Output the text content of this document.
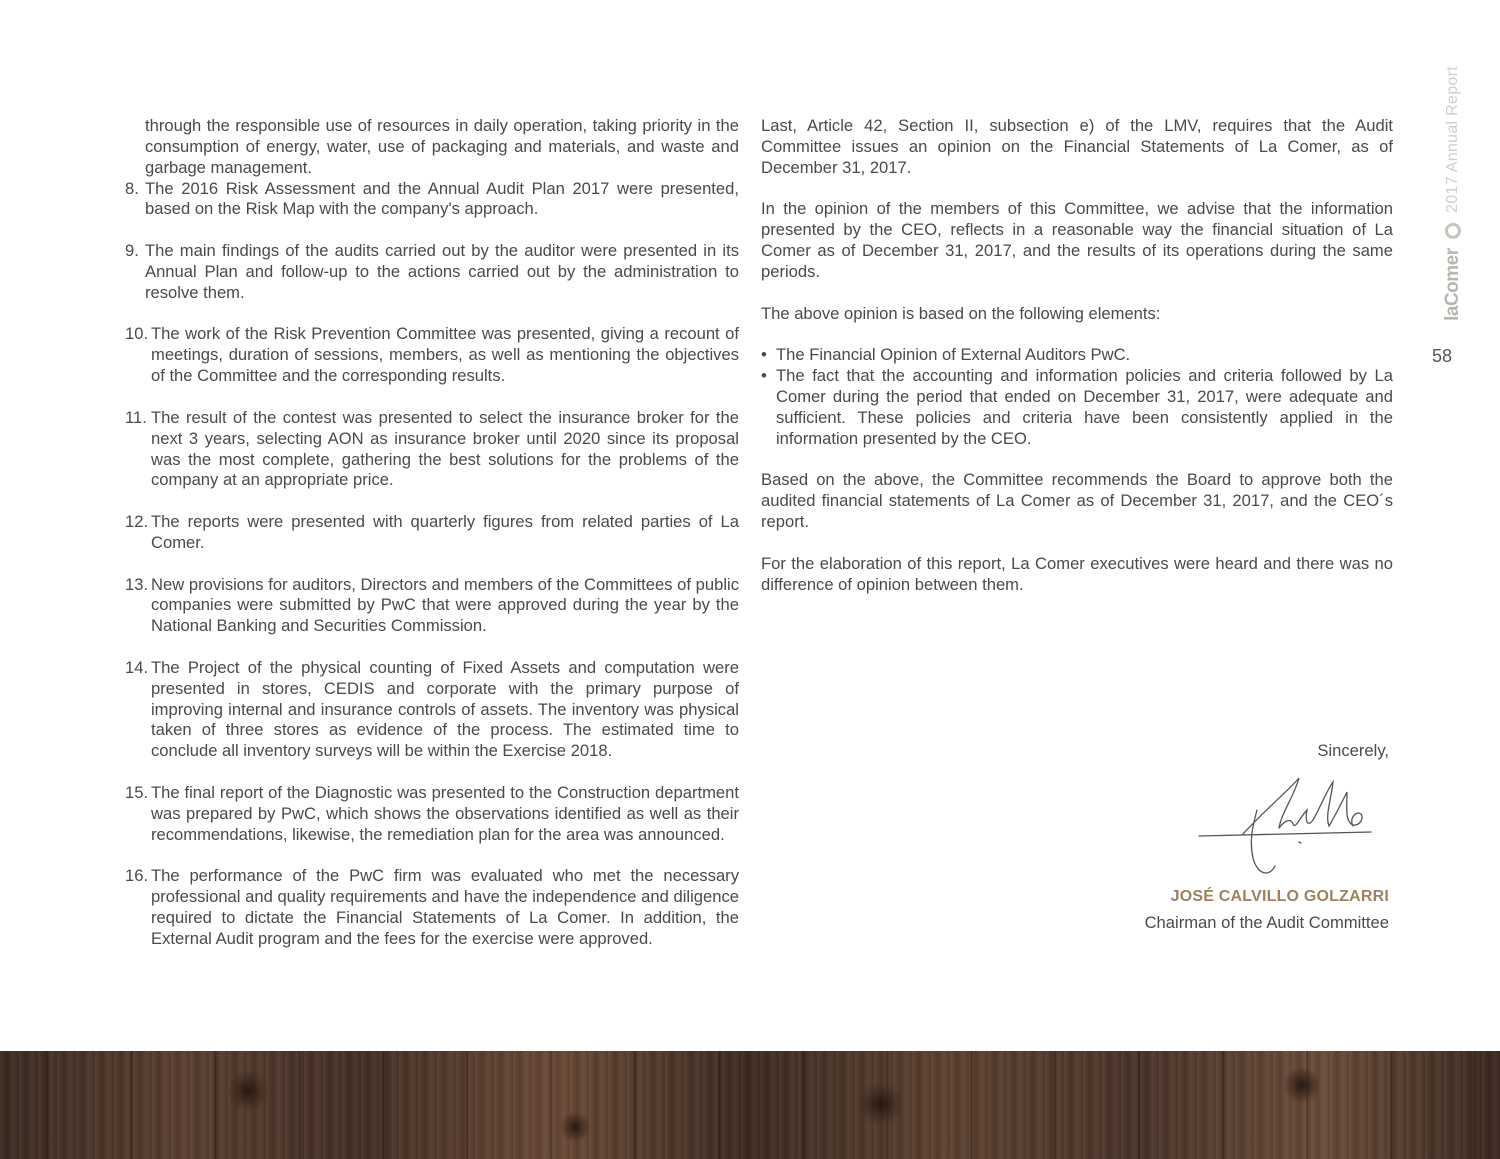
through the responsible use of resources in daily operation, taking priority in the consumption of energy, water, use of packaging and materials, and waste and garbage management.

8. The 2016 Risk Assessment and the Annual Audit Plan 2017 were presented, based on the Risk Map with the company's approach.
9. The main findings of the audits carried out by the auditor were presented in its Annual Plan and follow-up to the actions carried out by the administration to resolve them.
10. The work of the Risk Prevention Committee was presented, giving a recount of meetings, duration of sessions, members, as well as mentioning the objectives of the Committee and the corresponding results.
11. The result of the contest was presented to select the insurance broker for the next 3 years, selecting AON as insurance broker until 2020 since its proposal was the most complete, gathering the best solutions for the problems of the company at an appropriate price.
12. The reports were presented with quarterly figures from related parties of La Comer.
13. New provisions for auditors, Directors and members of the Committees of public companies were submitted by PwC that were approved during the year by the National Banking and Securities Commission.
14. The Project of the physical counting of Fixed Assets and computation were presented in stores, CEDIS and corporate with the primary purpose of improving internal and insurance controls of assets. The inventory was physical taken of three stores as evidence of the process. The estimated time to conclude all inventory surveys will be within the Exercise 2018.
15. The final report of the Diagnostic was presented to the Construction department was prepared by PwC, which shows the observations identified as well as their recommendations, likewise, the remediation plan for the area was announced.
16. The performance of the PwC firm was evaluated who met the necessary professional and quality requirements and have the independence and diligence required to dictate the Financial Statements of La Comer. In addition, the External Audit program and the fees for the exercise were approved.

Last, Article 42, Section II, subsection e) of the LMV, requires that the Audit Committee issues an opinion on the Financial Statements of La Comer, as of December 31, 2017.

In the opinion of the members of this Committee, we advise that the information presented by the CEO, reflects in a reasonable way the financial situation of La Comer as of December 31, 2017, and the results of its operations during the same periods.

The above opinion is based on the following elements:

• The Financial Opinion of External Auditors PwC.
• The fact that the accounting and information policies and criteria followed by La Comer during the period that ended on December 31, 2017, were adequate and sufficient. These policies and criteria have been consistently applied in the information presented by the CEO.

Based on the above, the Committee recommends the Board to approve both the audited financial statements of La Comer as of December 31, 2017, and the CEO´s report.

For the elaboration of this report, La Comer executives were heard and there was no difference of opinion between them.

laComer  2017 Annual Report
58
Sincerely,
JOSÉ CALVILLO GOLZARRI
Chairman of the Audit Committee
